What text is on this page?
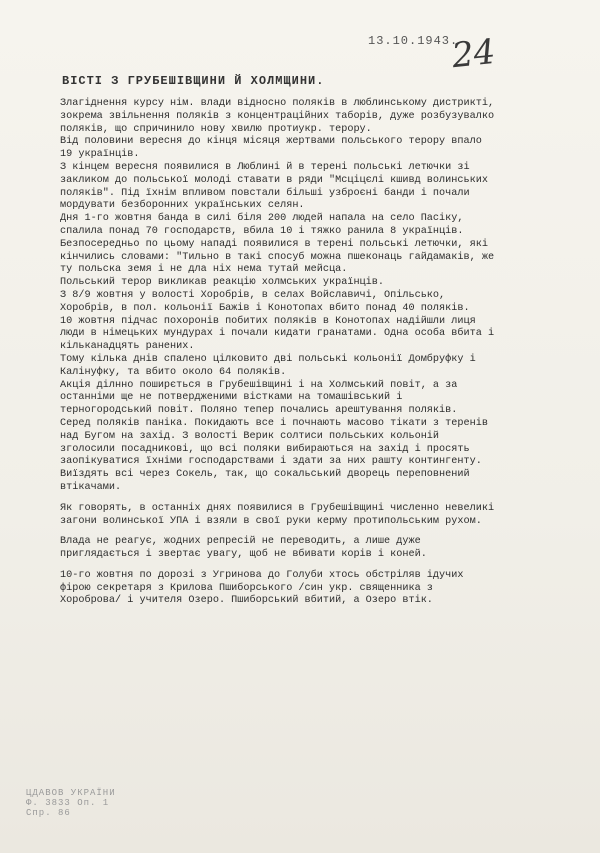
13.10.1943.
24
ВІСТІ З ГРУБЕШІВЩИНИ Й ХОЛМЩИНИ.

Злагіднення курсу нім. влади відносно поляків в люблинському дистрикті, зокрема звільнення поляків з концентраційних таборів, дуже розбузувалко поляків, що спричинило нову хвилю протиукр. терору.

Від половини вересня до кінця місяця жертвами польського терору впало 19 українців.

З кінцем вересня появилися в Люблині й в терені польські летючки зі закликом до польської молоді ставати в ряди "Мсціцєлі кшивд волинських поляків". Під їхнім впливом повстали більші узброєні банди і почали мордувати безборонних українських селян.

Дня 1-го жовтня банда в силі біля 200 людей напала на село Пасіку, спалила понад 70 господарств, вбила 10 і тяжко ранила 8 українців. Безпосередньо по цьому нападі появилися в терені польські летючки, які кінчились словами: "Тильно в такі спосуб можна пшеконаць гайдамаків, же ту польска земя і не дла ніх нема тутай мейсца.

Польський терор викликав реакцію холмських українців.

З 8/9 жовтня у волості Хоробрів, в селах Войславичі, Опільсько, Хоробрів, в пол. кольонії Бажів і Конотопах вбито понад 40 поляків.

10 жовтня підчас похоронів побитих поляків в Конотопах надійшли лиця люди в німецьких мундурах і почали кидати гранатами. Одна особа вбита і кільканадцять ранених.

Тому кілька днів спалено цілковито дві польські кольонії Домбруфку і Калінуфку, та вбито около 64 поляків.

Акція ділнно поширється в Грубешівщині і на Холмський повіт, а за останніми ще не потвердженими вістками на томашівський і терногородський повіт. Поляно тепер почались арештування поляків.

Серед поляків паніка. Покидають все і почнають масово тікати з теренів над Бугом на захід. З волості Верик солтиси польських кольоній зголосили посадникові, що всі поляки вибираються на захід і просять заопікуватися їхніми господарствами і здати за них рашту контингенту. Виїздять всі через Сокель, так, що сокальський дворець переповнений втікачами.

Як говорять, в останніх днях появилися в Грубешівщині численно невеликі загони волинської УПА і взяли в свої руки керму протипольським рухом.

Влада не реагує, жодних репресій не переводить, а лише дуже приглядається і звертає увагу, щоб не вбивати корів і коней.

10-го жовтня по дорозі з Угринова до Голуби хтось обстріляв ідучих фірою секретаря з Крилова Пшиборського /син укр. священника з Хороброва/ і учителя Озеро. Пшиборський вбитий, а Озеро втік.

ЦДАВОВ УКРАЇНИ
Ф. 3833 Оп. 1
Спр. 86
